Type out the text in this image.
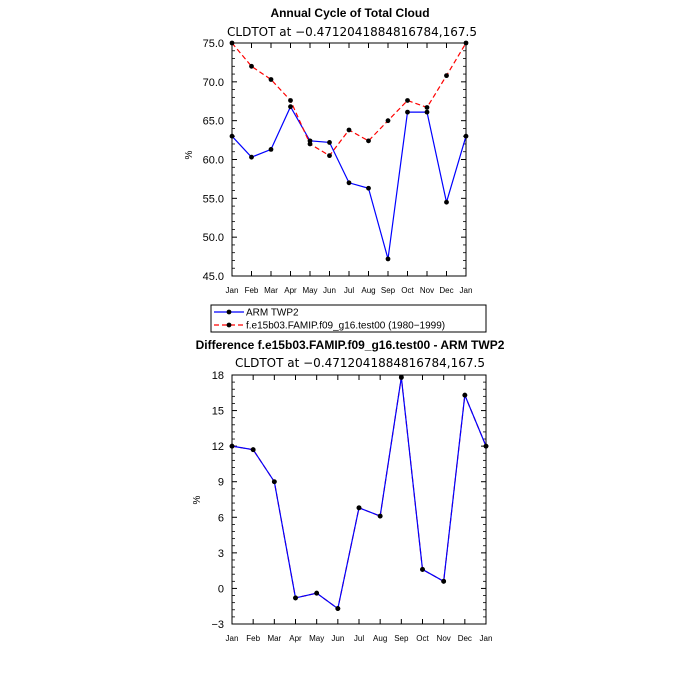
Annual Cycle of Total Cloud
CLDTOT at −0.4712041884816784,167.5
%
45.0
50.0
55.0
60.0
65.0
70.0
75.0
Jan Feb Mar Apr May Jun Jul Aug Sep Oct Nov Dec Jan
ARM TWP2
f.e15b03.FAMIP.f09_g16.test00 (1980−1999)
Difference f.e15b03.FAMIP.f09_g16.test00 - ARM TWP2
CLDTOT at −0.4712041884816784,167.5
%
−3
0
3
6
9
12
15
18
Jan Feb Mar Apr May Jun Jul Aug Sep Oct Nov Dec Jan
